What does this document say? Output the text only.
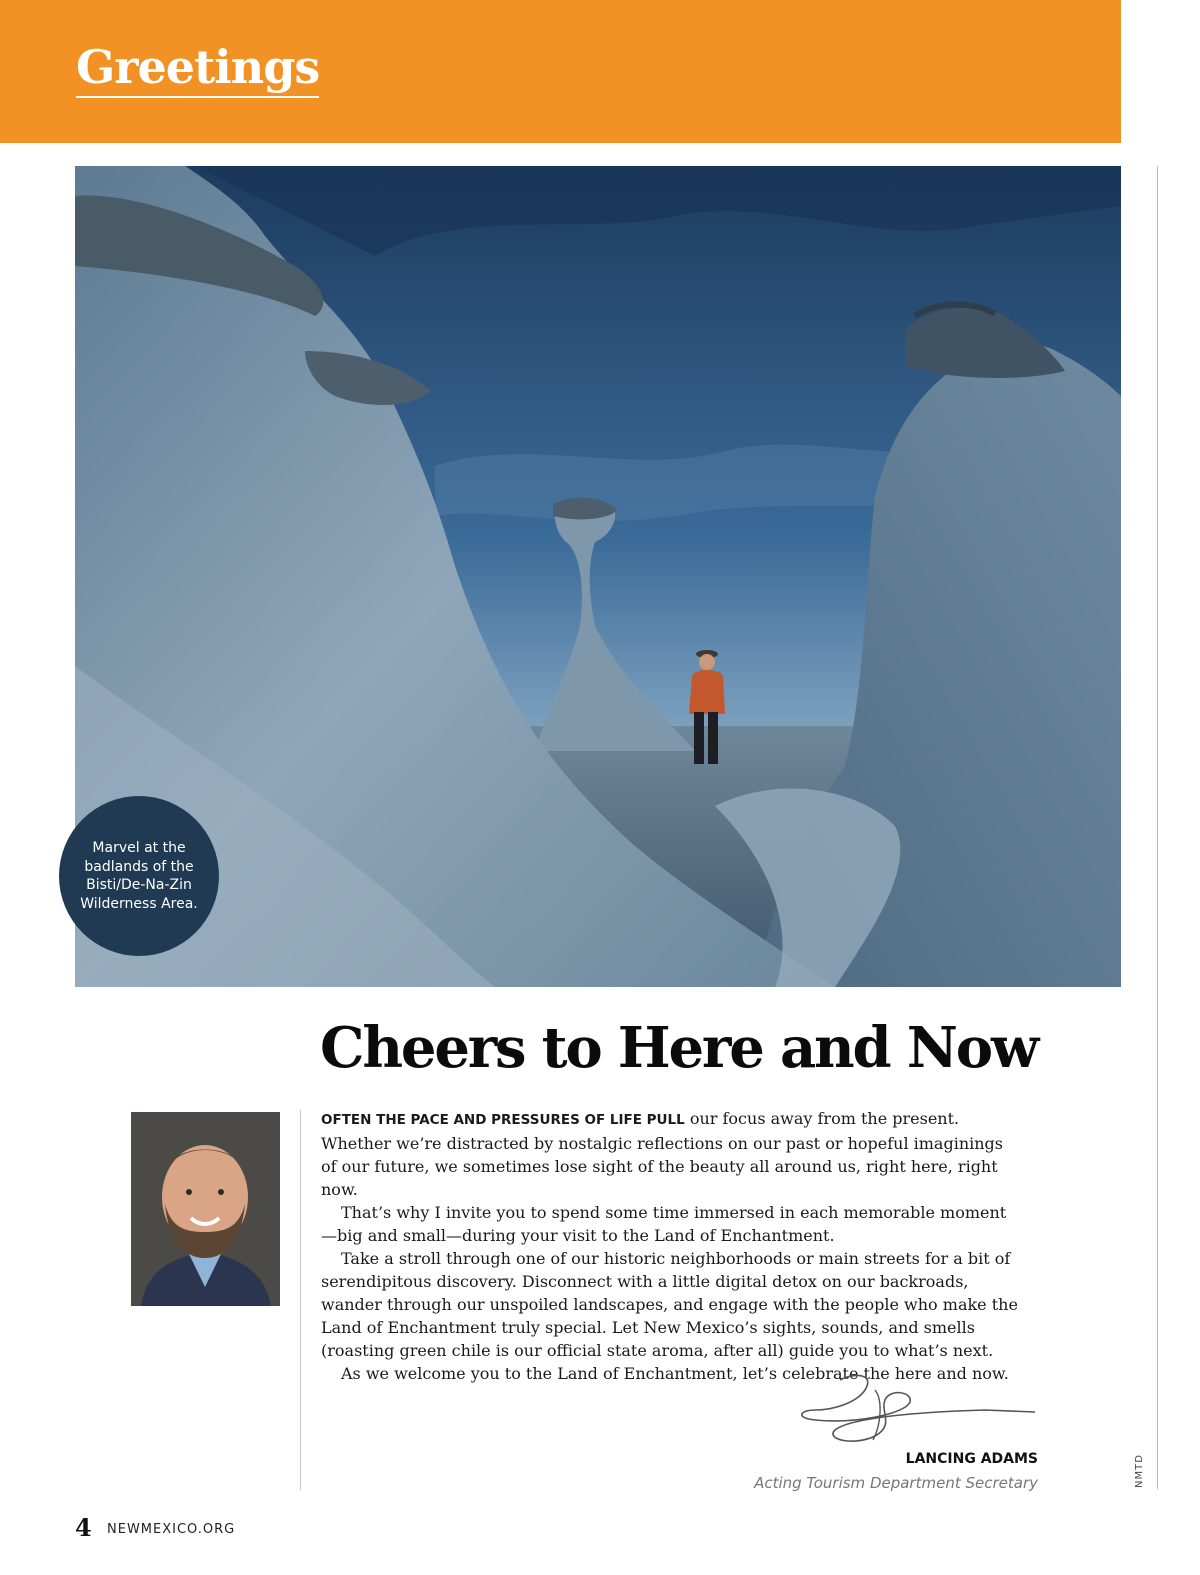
Greetings
Marvel at the badlands of the Bisti/De-Na-Zin Wilderness Area.
NMTD
Cheers to Here and Now

OFTEN THE PACE AND PRESSURES OF LIFE PULL our focus away from the present. Whether we’re distracted by nostalgic reflections on our past or hopeful imaginings of our future, we sometimes lose sight of the beauty all around us, right here, right now.

That’s why I invite you to spend some time immersed in each memorable moment—big and small—during your visit to the Land of Enchantment.

Take a stroll through one of our historic neighborhoods or main streets for a bit of serendipitous discovery. Disconnect with a little digital detox on our backroads, wander through our unspoiled landscapes, and engage with the people who make the Land of Enchantment truly special. Let New Mexico’s sights, sounds, and smells (roasting green chile is our official state aroma, after all) guide you to what’s next.

As we welcome you to the Land of Enchantment, let’s celebrate the here and now.

LANCING ADAMS
Acting Tourism Department Secretary
4 NEWMEXICO.ORG
